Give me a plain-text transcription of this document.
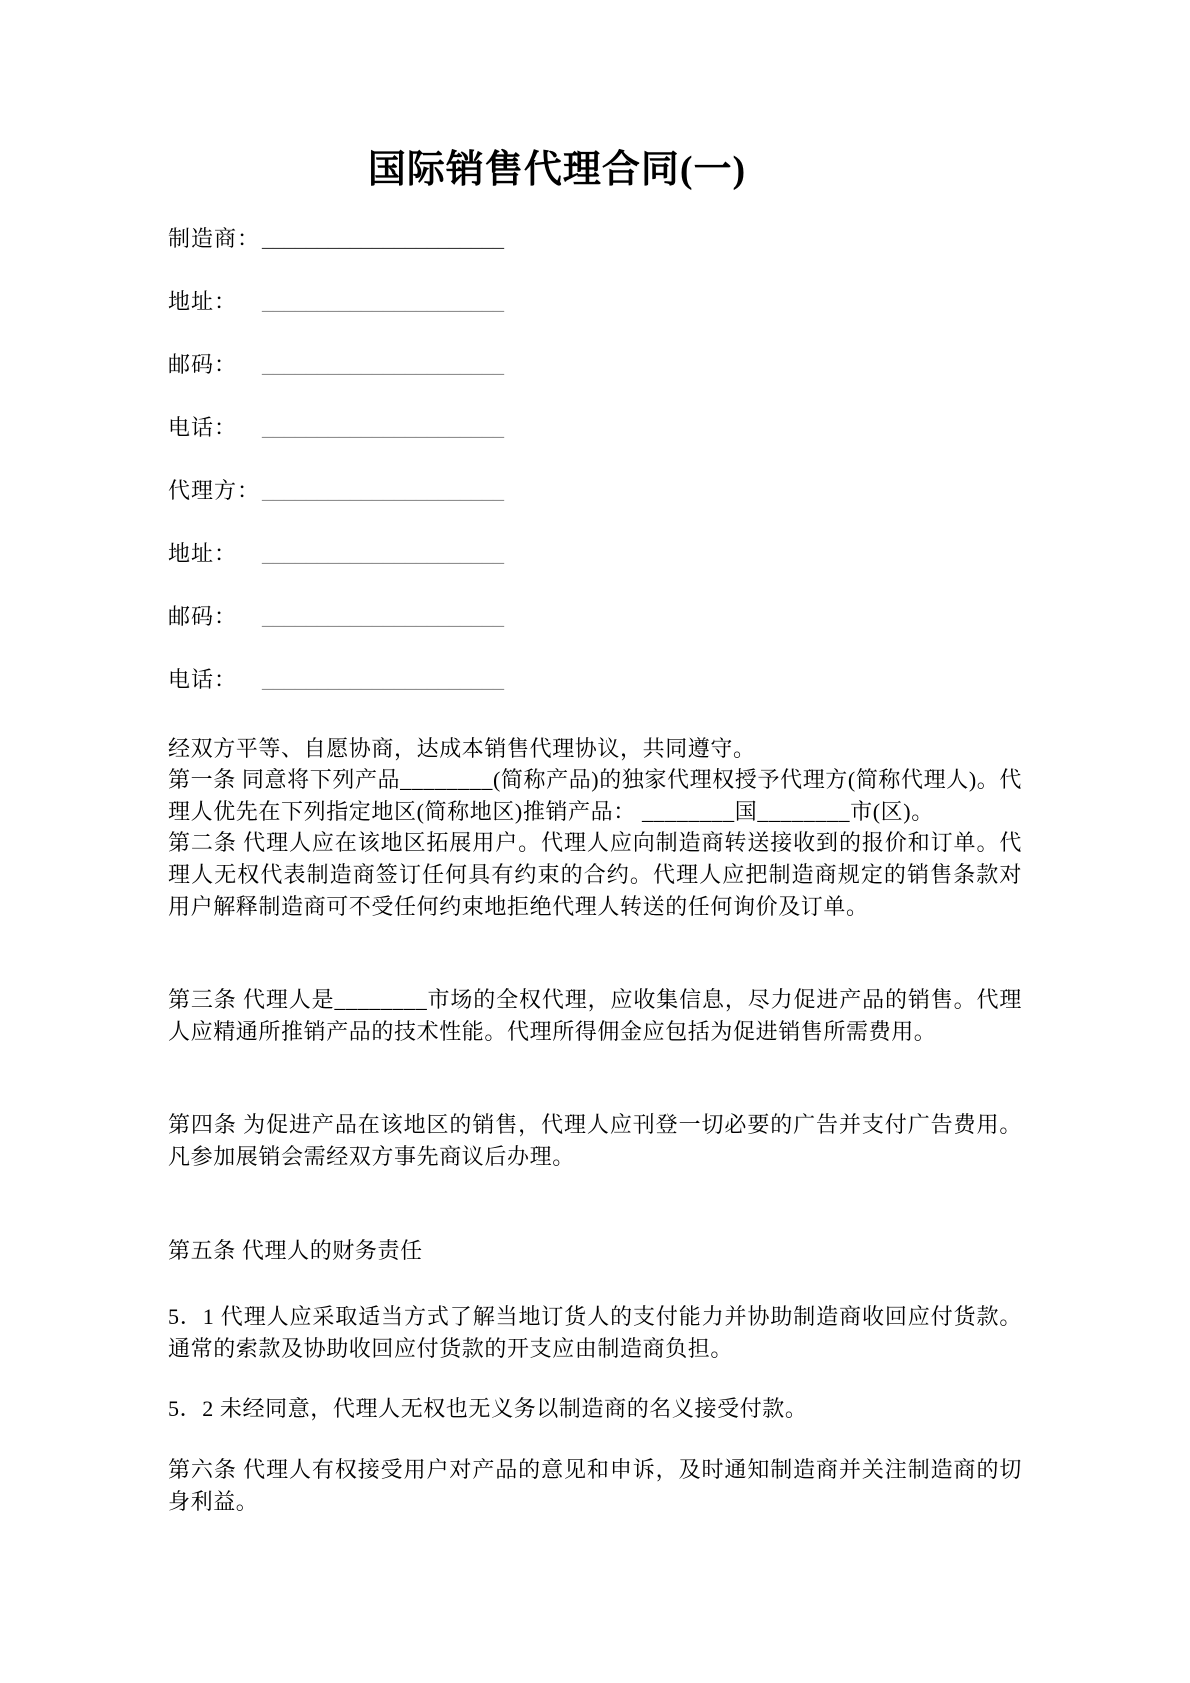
国际销售代理合同(一)
制造商：______________________
地址： ______________________
邮码： ______________________
电话： ______________________
代理方：______________________
地址： ______________________
邮码： ______________________
电话： ______________________

经双方平等、自愿协商，达成本销售代理协议，共同遵守。

第一条 同意将下列产品________(简称产品)的独家代理权授予代理方(简称代理人)。代理人优先在下列指定地区(简称地区)推销产品： ________国________市(区)。

第二条 代理人应在该地区拓展用户。代理人应向制造商转送接收到的报价和订单。代理人无权代表制造商签订任何具有约束的合约。代理人应把制造商规定的销售条款对用户解释制造商可不受任何约束地拒绝代理人转送的任何询价及订单。

第三条 代理人是________市场的全权代理，应收集信息，尽力促进产品的销售。代理人应精通所推销产品的技术性能。代理所得佣金应包括为促进销售所需费用。

第四条 为促进产品在该地区的销售，代理人应刊登一切必要的广告并支付广告费用。凡参加展销会需经双方事先商议后办理。

第五条 代理人的财务责任

5．1 代理人应采取适当方式了解当地订货人的支付能力并协助制造商收回应付货款。通常的索款及协助收回应付货款的开支应由制造商负担。

5．2 未经同意，代理人无权也无义务以制造商的名义接受付款。

第六条 代理人有权接受用户对产品的意见和申诉，及时通知制造商并关注制造商的切身利益。
